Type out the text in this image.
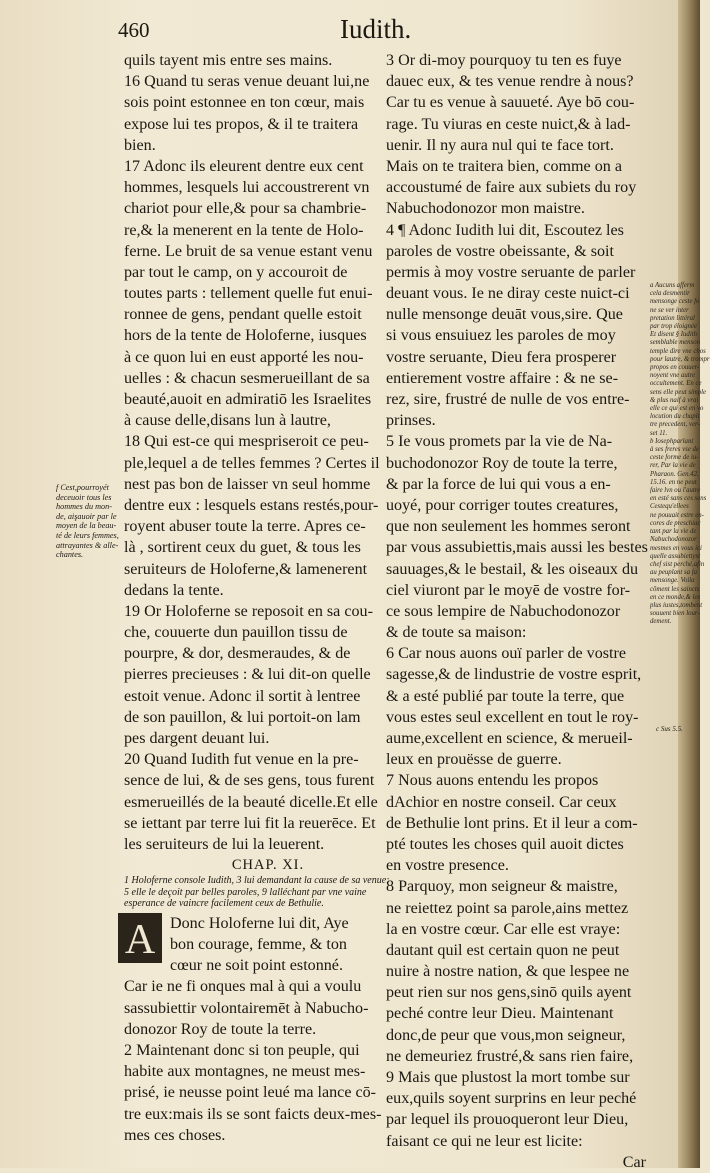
460	Iudith.
f Cest,pourroyét
deceuoir tous les
hommes du mon-
de, aişauoir par le
moyen de la beau-
té de leurs femmes,
attrayantes & alle-
chantes.
quils tayent mis entre ses mains.
16 Quand tu seras venue deuant lui,ne
sois point estonnee en ton cœur, mais
expose lui tes propos, & il te traitera
bien.
17 Adonc ils eleurent dentre eux cent
hommes, lesquels lui accoustrerent vn
chariot pour elle,& pour sa chambrie-
re,& la menerent en la tente de Holo-
ferne. Le bruit de sa venue estant venu
par tout le camp, on y accouroit de
toutes parts : tellement quelle fut enui-
ronnee de gens, pendant quelle estoit
hors de la tente de Holoferne, iusques
à ce quon lui en eust apporté les nou-
uelles : & chacun sesmerueillant de sa
beauté,auoit en admiratiō les Israelites
à cause delle,disans lun à lautre,
18 Qui est-ce qui mespriseroit ce peu-
ple,lequel a de telles femmes ? Certes il
nest pas bon de laisser vn seul homme
dentre eux : lesquels estans restés,pour-
royent abuser toute la terre. Apres ce-
là , sortirent ceux du guet, & tous les
seruiteurs de Holoferne,& lamenerent
dedans la tente.
19 Or Holoferne se reposoit en sa cou-
che, couuerte dun pauillon tissu de
pourpre, & dor, desmeraudes, & de
pierres precieuses : & lui dit-on quelle
estoit venue. Adonc il sortit à lentree
de son pauillon, & lui portoit-on lam
pes dargent deuant lui.
20 Quand Iudith fut venue en la pre-
sence de lui, & de ses gens, tous furent
esmerueillés de la beauté dicelle.Et elle
se iettant par terre lui fit la reuerēce. Et
les seruiteurs de lui la leuerent.
CHAP. XI.
1 Holoferne console Iudith, 3 lui demandant la cause de sa venue:
5 elle le deçoit par belles paroles, 9 lalléchant par vne vaine
esperance de vaincre facilement ceux de Bethulie.
A Donc Holoferne lui dit, Aye
bon courage, femme, & ton
cœur ne soit point estonné.
Car ie ne fi onques mal à qui a voulu
sassubiettir volontairemēt à Nabucho-
donozor Roy de toute la terre.
2 Maintenant donc si ton peuple, qui
habite aux montagnes, ne meust mes-
prisé, ie neusse point leué ma lance cō-
tre eux:mais ils se sont faicts deux-mes-
mes ces choses.
3 Or di-moy pourquoy tu ten es fuye
dauec eux, & tes venue rendre à nous?
Car tu es venue à sauueté. Aye bō cou-
rage. Tu viuras en ceste nuict,& à lad-
uenir. Il ny aura nul qui te face tort.
Mais on te traitera bien, comme on a
accoustumé de faire aux subiets du roy
Nabuchodonozor mon maistre.
4 ¶ Adonc Iudith lui dit, Escoutez les
paroles de vostre obeissante, & soit
permis à moy vostre seruante de parler
deuant vous. Ie ne diray ceste nuict-ci
nulle mensonge deuāt vous,sire. Que
si vous ensuiuez les paroles de moy
vostre seruante, Dieu fera prosperer
entierement vostre affaire : & ne se-
rez, sire, frustré de nulle de vos entre-
prinses.
5 Ie vous promets par la vie de Na-
buchodonozor Roy de toute la terre,
& par la force de lui qui vous a en-
uoyé, pour corriger toutes creatures,
que non seulement les hommes seront
par vous assubiettis,mais aussi les bestes
sauuages,& le bestail, & les oiseaux du
ciel viuront par le moyē de vostre for-
ce sous lempire de Nabuchodonozor
& de toute sa maison:
6 Car nous auons ouï parler de vostre
sagesse,& de lindustrie de vostre esprit,
& a esté publié par toute la terre, que
vous estes seul excellent en tout le roy-
aume,excellent en science, & merueil-
leux en prouësse de guerre.
7 Nous auons entendu les propos
dAchior en nostre conseil. Car ceux
de Bethulie lont prins. Et il leur a com-
pté toutes les choses quil auoit dictes
en vostre presence.
8 Parquoy, mon seigneur & maistre,
ne reiettez point sa parole,ains mettez
la en vostre cœur. Car elle est vraye:
dautant quil est certain quon ne peut
nuire à nostre nation, & que lespee ne
peut rien sur nos gens,sinō quils ayent
peché contre leur Dieu. Maintenant
donc,de peur que vous,mon seigneur,
ne demeuriez frustré,& sans rien faire,
9 Mais que plustost la mort tombe sur
eux,quils soyent surprins en leur peché
par lequel ils prouoqueront leur Dieu,
faisant ce qui ne leur est licite:
Car
a Aucuns afferm
cela desmentir
mensonge ceste fo
ne se ver inter
pretation littéral
par trop éloignée
Et disent § Iudith
semblable menson
temple dire vne chos
pour lautre, & trompr
propos en couuer-
noyent vne autre
occultement. En ce
sens elle peut simple
& plus naif à vrai
elle ce qui est en vo
locution du chapit
tre precedent, ver-
set 11.
b Iosephparlant
à ses freres vse de
ceste forme de iu-
rer, Par la vie de
Pharaon. Gen.42.
15.16. en ne peut
faire lvn ou l'autre
en esté sans ces sens
Cestequ'ellees
ne pouuait estre en-
cores de preschiac
tant par la vie de
Nabuchodonozor
mesmes en vous ici
quelle assubiettyst
chef sist perché,afin
au peuplant sa fa
mensonge. Voila
cōment les saincts
en ce monde,& les
plus iustes,tombent
souuent bien lour-
dement.
c Sus 5.5.
